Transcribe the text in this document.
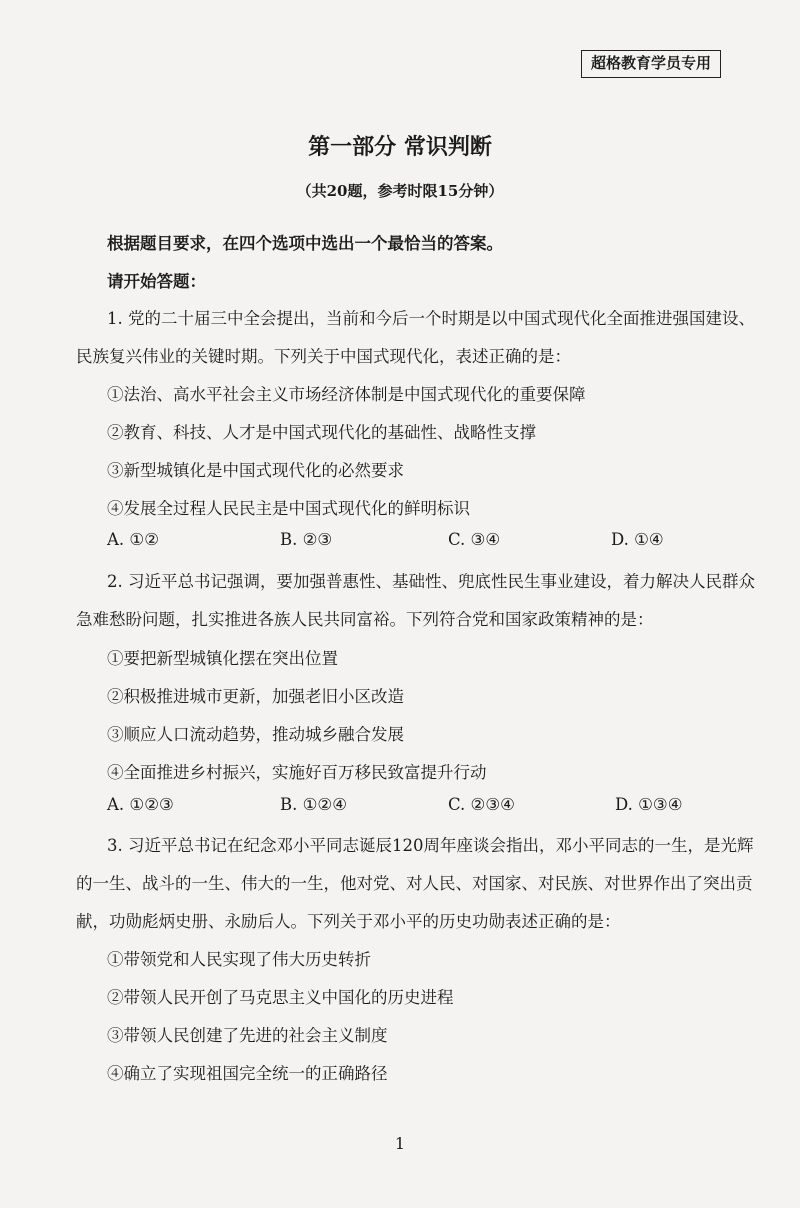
超格教育学员专用
第一部分 常识判断
（共20题，参考时限15分钟）
根据题目要求，在四个选项中选出一个最恰当的答案。
请开始答题：
1. 党的二十届三中全会提出，当前和今后一个时期是以中国式现代化全面推进强国建设、
民族复兴伟业的关键时期。下列关于中国式现代化，表述正确的是：
①法治、高水平社会主义市场经济体制是中国式现代化的重要保障
②教育、科技、人才是中国式现代化的基础性、战略性支撑
③新型城镇化是中国式现代化的必然要求
④发展全过程人民民主是中国式现代化的鲜明标识
A. ①②	B. ②③	C. ③④	D. ①④
2. 习近平总书记强调，要加强普惠性、基础性、兜底性民生事业建设，着力解决人民群众
急难愁盼问题，扎实推进各族人民共同富裕。下列符合党和国家政策精神的是：
①要把新型城镇化摆在突出位置
②积极推进城市更新，加强老旧小区改造
③顺应人口流动趋势，推动城乡融合发展
④全面推进乡村振兴，实施好百万移民致富提升行动
A. ①②③	B. ①②④	C. ②③④	D. ①③④
3. 习近平总书记在纪念邓小平同志诞辰120周年座谈会指出，邓小平同志的一生，是光辉
的一生、战斗的一生、伟大的一生，他对党、对人民、对国家、对民族、对世界作出了突出贡
献，功勋彪炳史册、永励后人。下列关于邓小平的历史功勋表述正确的是：
①带领党和人民实现了伟大历史转折
②带领人民开创了马克思主义中国化的历史进程
③带领人民创建了先进的社会主义制度
④确立了实现祖国完全统一的正确路径
1
